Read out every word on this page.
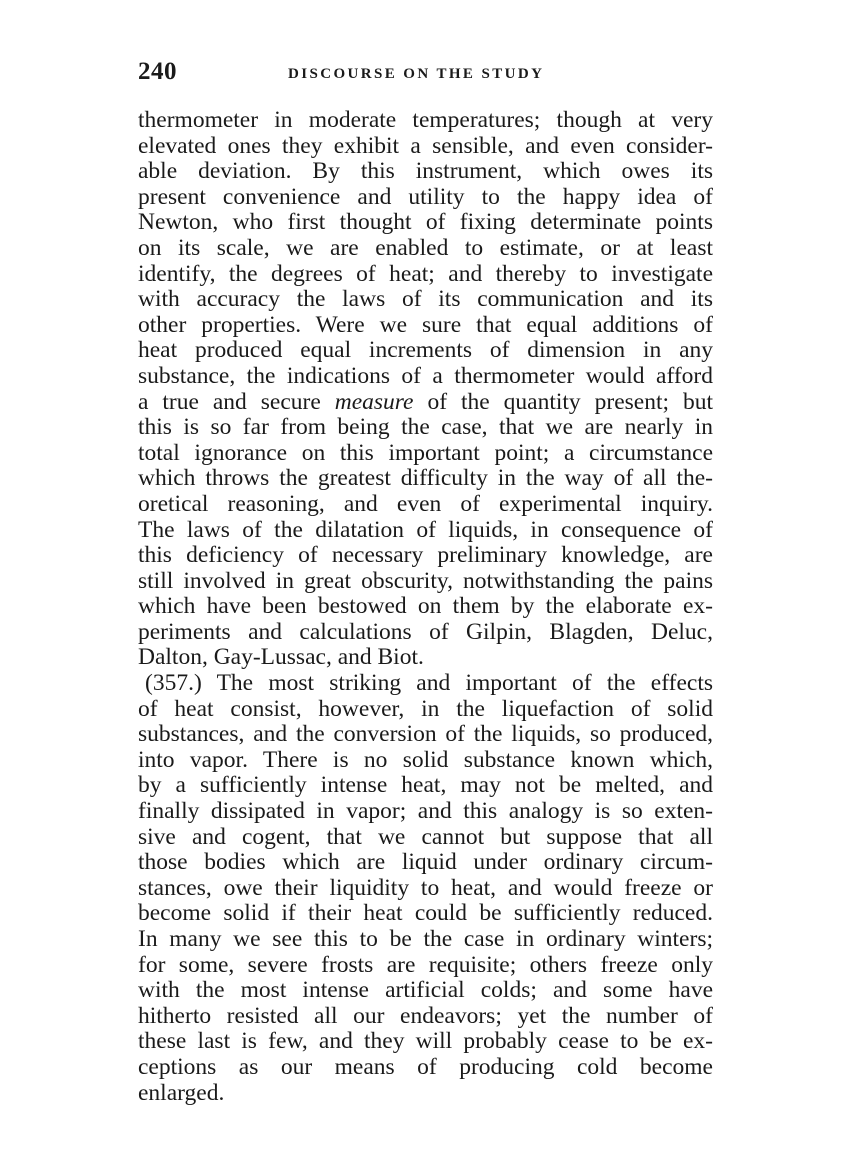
240	DISCOURSE ON THE STUDY
thermometer in moderate temperatures; though at very
elevated ones they exhibit a sensible, and even consider-
able deviation. By this instrument, which owes its
present convenience and utility to the happy idea of
Newton, who first thought of fixing determinate points
on its scale, we are enabled to estimate, or at least
identify, the degrees of heat; and thereby to investigate
with accuracy the laws of its communication and its
other properties. Were we sure that equal additions of
heat produced equal increments of dimension in any
substance, the indications of a thermometer would afford
a true and secure measure of the quantity present; but
this is so far from being the case, that we are nearly in
total ignorance on this important point; a circumstance
which throws the greatest difficulty in the way of all the-
oretical reasoning, and even of experimental inquiry.
The laws of the dilatation of liquids, in consequence of
this deficiency of necessary preliminary knowledge, are
still involved in great obscurity, notwithstanding the pains
which have been bestowed on them by the elaborate ex-
periments and calculations of Gilpin, Blagden, Deluc,
Dalton, Gay-Lussac, and Biot.
(357.) The most striking and important of the effects
of heat consist, however, in the liquefaction of solid
substances, and the conversion of the liquids, so produced,
into vapor. There is no solid substance known which,
by a sufficiently intense heat, may not be melted, and
finally dissipated in vapor; and this analogy is so exten-
sive and cogent, that we cannot but suppose that all
those bodies which are liquid under ordinary circum-
stances, owe their liquidity to heat, and would freeze or
become solid if their heat could be sufficiently reduced.
In many we see this to be the case in ordinary winters;
for some, severe frosts are requisite; others freeze only
with the most intense artificial colds; and some have
hitherto resisted all our endeavors; yet the number of
these last is few, and they will probably cease to be ex-
ceptions as our means of producing cold become
enlarged.
